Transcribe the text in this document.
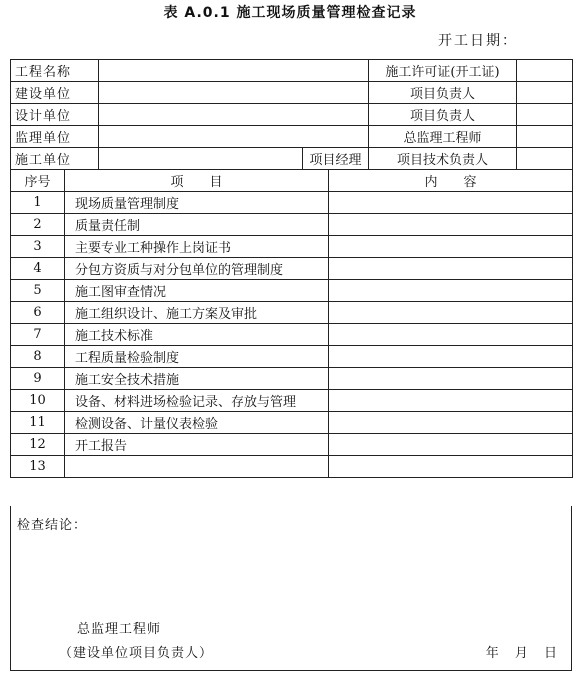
表 A.0.1 施工现场质量管理检查记录
开工日期：
工程名称			施工许可证(开工证)	
建设单位			项目负责人	
设计单位			项目负责人	
监理单位			总监理工程师	
施工单位		项目经理	项目技术负责人	
序号	项　　目	内　　容
1	现场质量管理制度	
2	质量责任制	
3	主要专业工种操作上岗证书	
4	分包方资质与对分包单位的管理制度	
5	施工图审查情况	
6	施工组织设计、施工方案及审批	
7	施工技术标准	
8	工程质量检验制度	
9	施工安全技术措施	
10	设备、材料进场检验记录、存放与管理	
11	检测设备、计量仪表检验	
12	开工报告	
13		
检查结论：
总监理工程师
（建设单位项目负责人）	年 月 日
